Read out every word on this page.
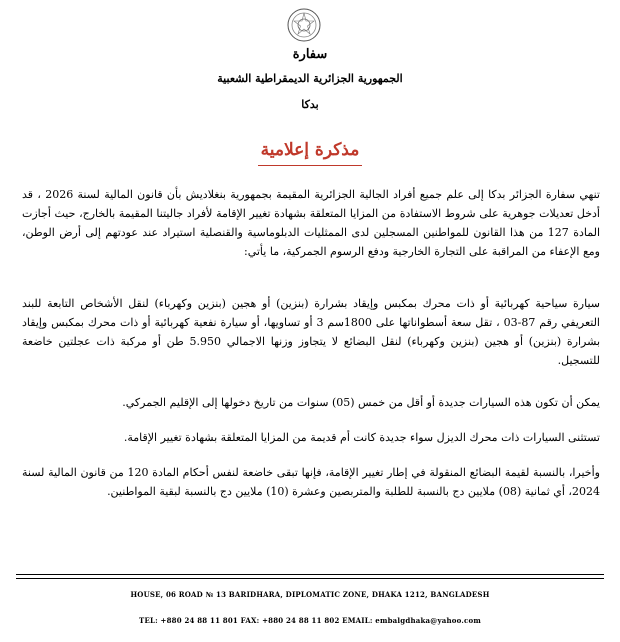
سفارة
الجمهورية الجزائرية الديمقراطية الشعبية
بدكا
مذكرة إعلامية
تنهي سفارة الجزائر بدكا إلى علم جميع أفراد الجالية الجزائرية المقيمة بجمهورية بنغلاديش بأن قانون المالية لسنة 2026 ، قد أدخل تعديلات جوهرية على شروط الاستفادة من المزايا المتعلقة بشهادة تغيير الإقامة لأفراد جاليتنا المقيمة بالخارج، حيث أجازت المادة 127 من هذا القانون للمواطنين المسجلين لدى الممثليات الدبلوماسية والقنصلية استيراد عند عودتهم إلى أرض الوطن، ومع الإعفاء من المراقبة على التجارة الخارجية ودفع الرسوم الجمركية، ما يأتي:
سيارة سياحية كهربائية أو ذات محرك بمكبس وإيقاد بشرارة (بنزين) أو هجين (بنزين وكهرباء) لنقل الأشخاص التابعة للبند التعريفي رقم 87-03 ، تقل سعة أسطواناتها على 1800سم 3 أو تساويها، أو سيارة نفعية كهربائية أو ذات محرك بمكبس وإيقاد بشرارة (بنزين) أو هجين (بنزين وكهرباء) لنقل البضائع لا يتجاوز وزنها الاجمالي 5.950 طن أو مركبة ذات عجلتين خاضعة للتسجيل.
يمكن أن تكون هذه السيارات جديدة أو أقل من خمس (05) سنوات من تاريخ دخولها إلى الإقليم الجمركي.
تستثنى السيارات ذات محرك الديزل سواء جديدة كانت أم قديمة من المزايا المتعلقة بشهادة تغيير الإقامة.
وأخيرا، بالنسبة لقيمة البضائع المنقولة في إطار تغيير الإقامة، فإنها تبقى خاضعة لنفس أحكام المادة 120 من قانون المالية لسنة 2024، أي ثمانية (08) ملايين دج بالنسبة للطلبة والمتربصين وعشرة (10) ملايين دج بالنسبة لبقية المواطنين.
HOUSE, 06 ROAD № 13 BARIDHARA, DIPLOMATIC ZONE, DHAKA 1212, BANGLADESH
TEL: +880 24 88 11 801 FAX: +880 24 88 11 802 EMAIL: embalgdhaka@yahoo.com
